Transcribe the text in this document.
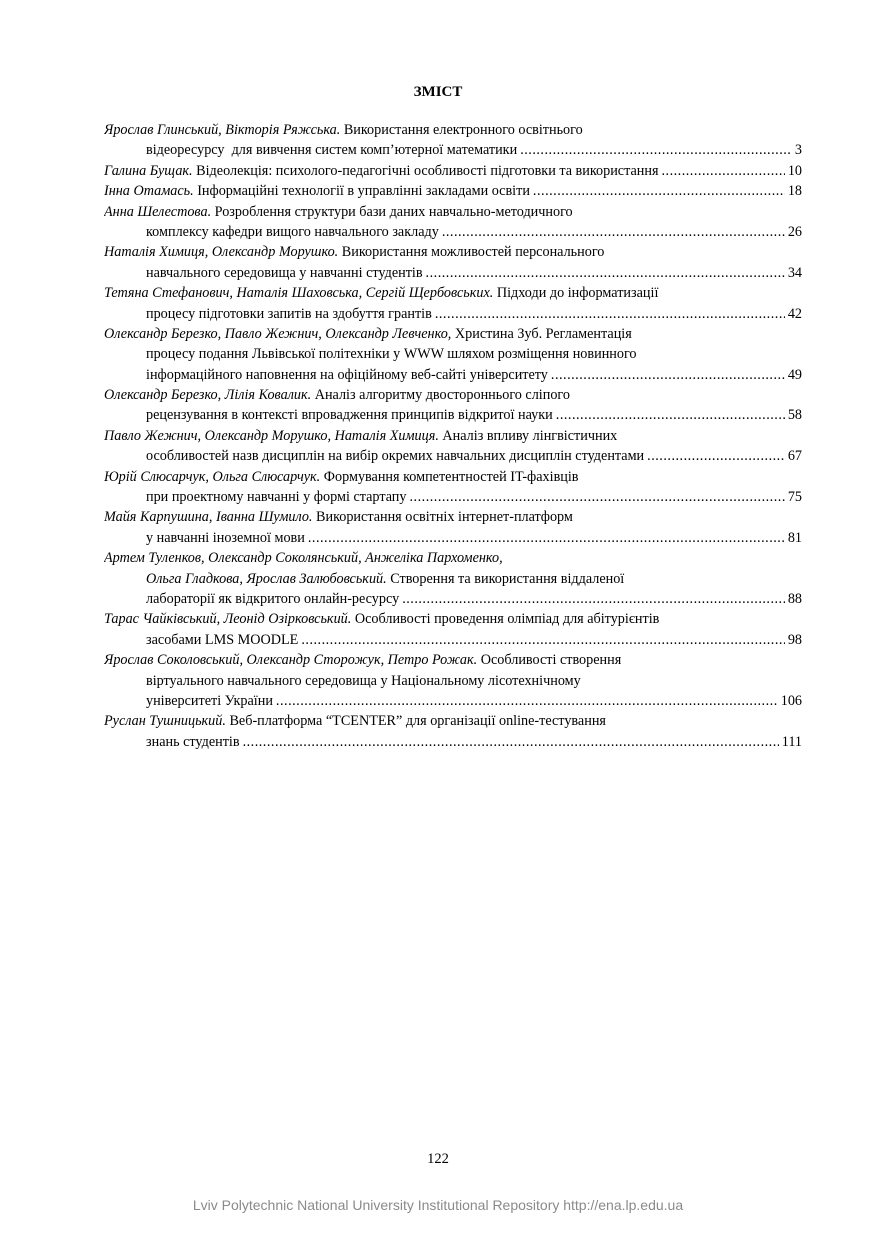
ЗМІСТ
Ярослав Глинський, Вікторія Ряжська. Використання електронного освітнього
відеоресурсу  для вивчення систем комп’ютерної математики .....	3
Галина Бущак. Відеолекція: психолого-педагогічні особливості підготовки та використання .....	10
Інна Отамась. Інформаційні технології в управлінні закладами освіти .....	18
Анна Шелестова. Розроблення структури бази даних навчально-методичного
комплексу кафедри вищого навчального закладу .....	26
Наталія Химиця, Олександр Морушко. Використання можливостей персонального
навчального середовища у навчанні студентів .....	34
Тетяна Стефанович, Наталія Шаховська, Сергій Щербовських. Підходи до інформатизації
процесу підготовки запитів на здобуття грантів .....	42
Олександр Березко, Павло Жежнич, Олександр Левченко, Христина Зуб. Регламентація
процесу подання Львівської політехніки у WWW шляхом розміщення новинного
інформаційного наповнення на офіційному веб-сайті університету .....	49
Олександр Березко, Лілія Ковалик. Аналіз алгоритму двостороннього сліпого
рецензування в контексті впровадження принципів відкритої науки .....	58
Павло Жежнич, Олександр Морушко, Наталія Химиця. Аналіз впливу лінгвістичних
особливостей назв дисциплін на вибір окремих навчальних дисциплін студентами .....	67
Юрій Слюсарчук, Ольга Слюсарчук. Формування компетентностей IT-фахівців
при проектному навчанні у формі стартапу .....	75
Майя Карпушина, Іванна Шумило. Використання освітніх інтернет-платформ
у навчанні іноземної мови .....	81
Артем Туленков, Олександр Соколянський, Анжеліка Пархоменко,
Ольга Гладкова, Ярослав Залюбовський. Створення та використання віддаленої
лабораторії як відкритого онлайн-ресурсу .....	88
Тарас Чайківський, Леонід Озірковський. Особливості проведення олімпіад для абітурієнтів
засобами LMS MOODLE .....	98
Ярослав Соколовський, Олександр Сторожук, Петро Рожак. Особливості створення
віртуального навчального середовища у Національному лісотехнічному
університеті України .....	106
Руслан Тушницький. Веб-платформа “TCENTER” для організації online-тестування
знань студентів .....	111
122
Lviv Polytechnic National University Institutional Repository http://ena.lp.edu.ua
